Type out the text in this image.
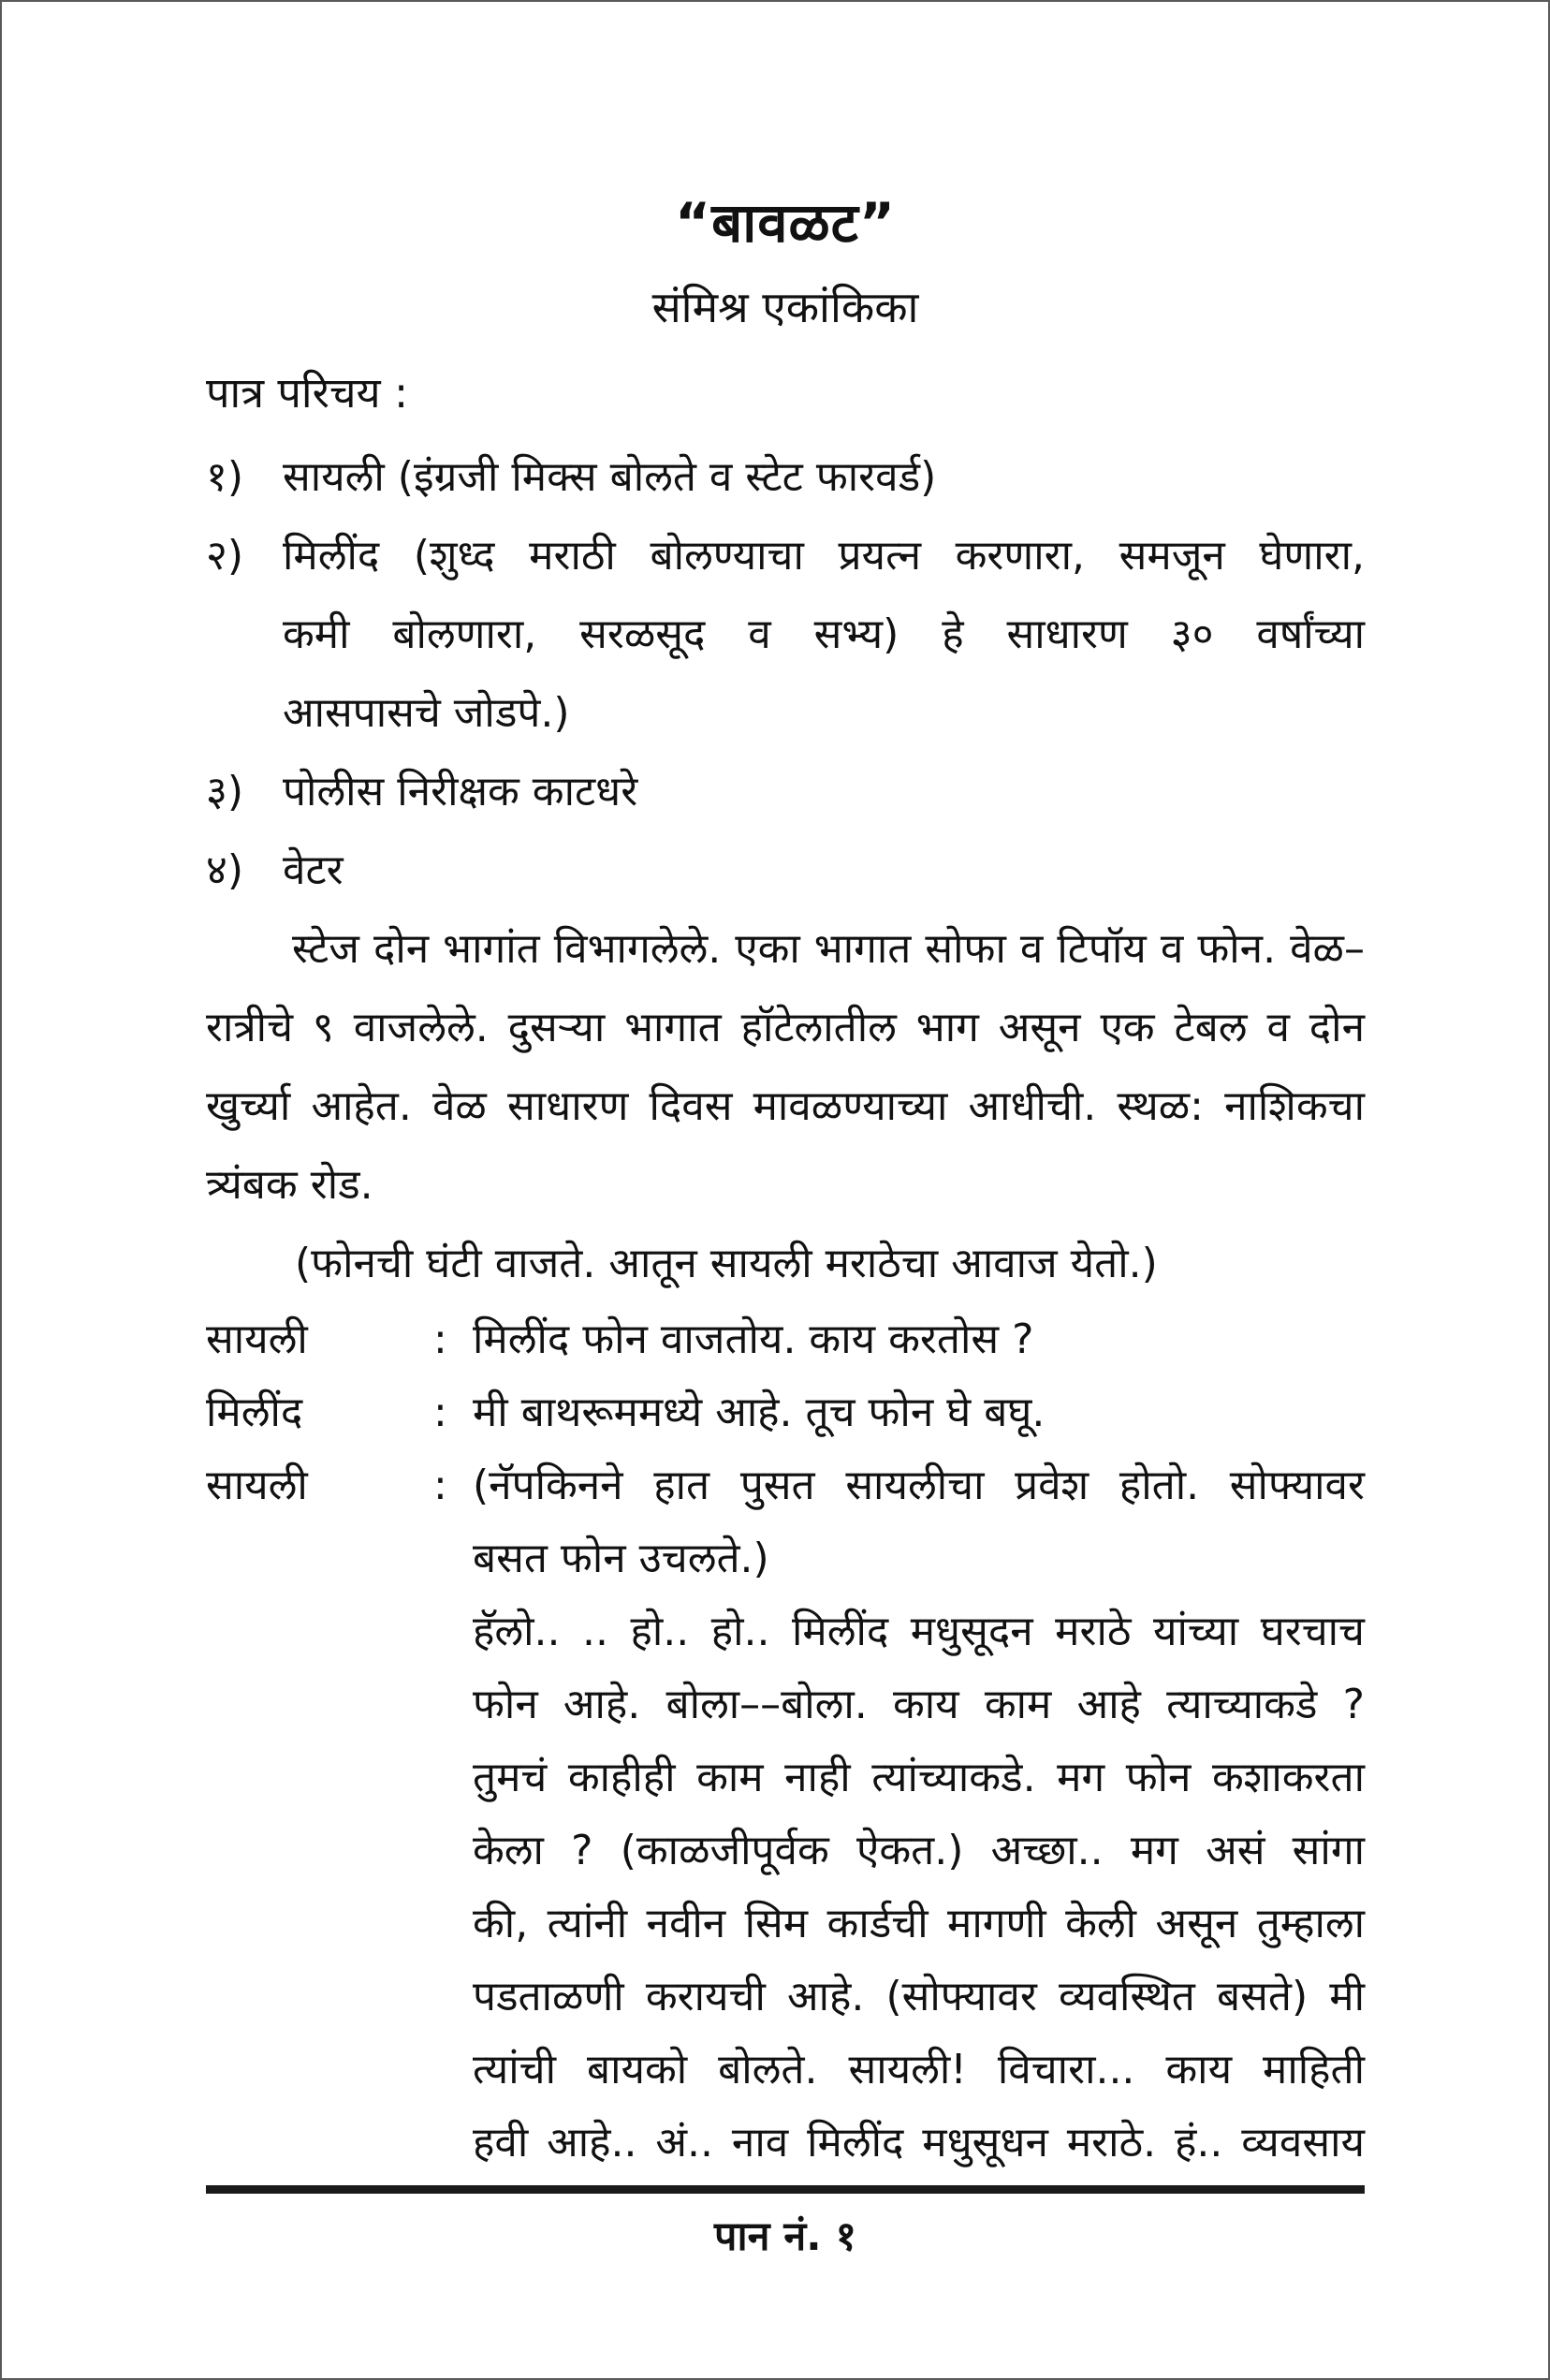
“बावळट”
संमिश्र एकांकिका
पात्र परिचय :
१) सायली (इंग्रजी मिक्स बोलते व स्टेट फारवर्ड)
२) मिलींद (शुध्द मराठी बोलण्याचा प्रयत्न करणारा, समजून घेणारा,
कमी बोलणारा, सरळसूद व सभ्य) हे साधारण ३० वर्षांच्या
आसपासचे जोडपे.)
३) पोलीस निरीक्षक काटधरे
४) वेटर
स्टेज दोन भागांत विभागलेले. एका भागात सोफा व टिपॉय व फोन. वेळ–
रात्रीचे ९ वाजलेले. दुसऱ्या भागात हॉटेलातील भाग असून एक टेबल व दोन
खुर्च्या आहेत. वेळ साधारण दिवस मावळण्याच्या आधीची. स्थळ: नाशिकचा
त्र्यंबक रोड.
(फोनची घंटी वाजते. आतून सायली मराठेचा आवाज येतो.)
सायली	: मिलींद फोन वाजतोय. काय करतोस ?
मिलींद	: मी बाथरूममध्ये आहे. तूच फोन घे बघू.
सायली	: (नॅपकिनने हात पुसत सायलीचा प्रवेश होतो. सोफ्यावर
बसत फोन उचलते.)
हॅलो.. .. हो.. हो.. मिलींद मधुसूदन मराठे यांच्या घरचाच
फोन आहे. बोला––बोला. काय काम आहे त्याच्याकडे ?
तुमचं काहीही काम नाही त्यांच्याकडे. मग फोन कशाकरता
केला ? (काळजीपूर्वक ऐकत.) अच्छा.. मग असं सांगा
की, त्यांनी नवीन सिम कार्डची मागणी केली असून तुम्हाला
पडताळणी करायची आहे. (सोफ्यावर व्यवस्थित बसते) मी
त्यांची बायको बोलते. सायली! विचारा... काय माहिती
हवी आहे.. अं.. नाव मिलींद मधुसूधन मराठे. हं.. व्यवसाय
पान नं. १
